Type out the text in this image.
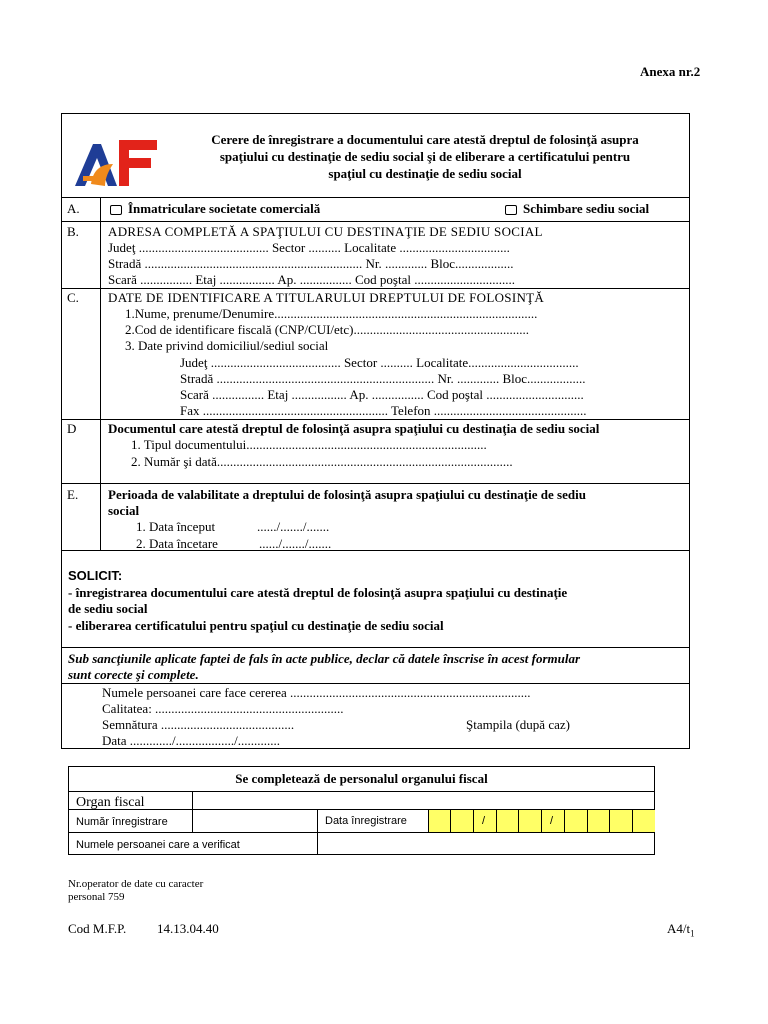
Anexa nr.2
Cerere de înregistrare a documentului care atestă dreptul de folosinţă asupra
spaţiului cu destinaţie de sediu social şi de eliberare a certificatului pentru
spaţiul cu destinaţie de sediu social
A.	Înmatriculare societate comercială	Schimbare sediu social
B. ADRESA COMPLETĂ A SPAŢIULUI CU DESTINAŢIE DE SEDIU SOCIAL
Judeţ ........................................ Sector .......... Localitate ..................................
Stradă ................................................................... Nr. ............. Bloc..................
Scară ................ Etaj ................. Ap. ................ Cod poştal ...............................
C. DATE DE IDENTIFICARE A TITULARULUI DREPTULUI DE FOLOSINŢĂ
1.Nume, prenume/Denumire.................................................................................
2.Cod de identificare fiscală (CNP/CUI/etc)......................................................
3. Date privind domiciliul/sediul social
Judeţ ........................................ Sector .......... Localitate..................................
Stradă ................................................................... Nr. ............. Bloc..................
Scară ................ Etaj ................. Ap. ................ Cod poştal ..............................
Fax ......................................................... Telefon ...............................................
D Documentul care atestă dreptul de folosinţă asupra spaţiului cu destinaţia de sediu social
1. Tipul documentului..........................................................................
2. Număr şi dată...........................................................................................
E. Perioada de valabilitate a dreptului de folosinţă asupra spaţiului cu destinaţie de sediu
social
1. Data început	....../......./.......
2. Data încetare	....../......./.......
SOLICIT:
- înregistrarea documentului care atestă dreptul de folosinţă asupra spaţiului cu destinaţie
de sediu social
- eliberarea certificatului pentru spaţiul cu destinaţie de sediu social
Sub sancţiunile aplicate faptei de fals în acte publice, declar că datele înscrise în acest formular
sunt corecte şi complete.
Numele persoanei care face cererea ..........................................................................
Calitatea: ..........................................................
Semnătura .........................................	Ştampila (după caz)
Data ............./................../.............
Se completează de personalul organului fiscal
Organ fiscal
Număr înregistrare	Data înregistrare	/	/
Numele persoanei care a verificat
Nr.operator de date cu caracter
personal 759
Cod M.F.P. 14.13.04.40	$A4/t_1$
